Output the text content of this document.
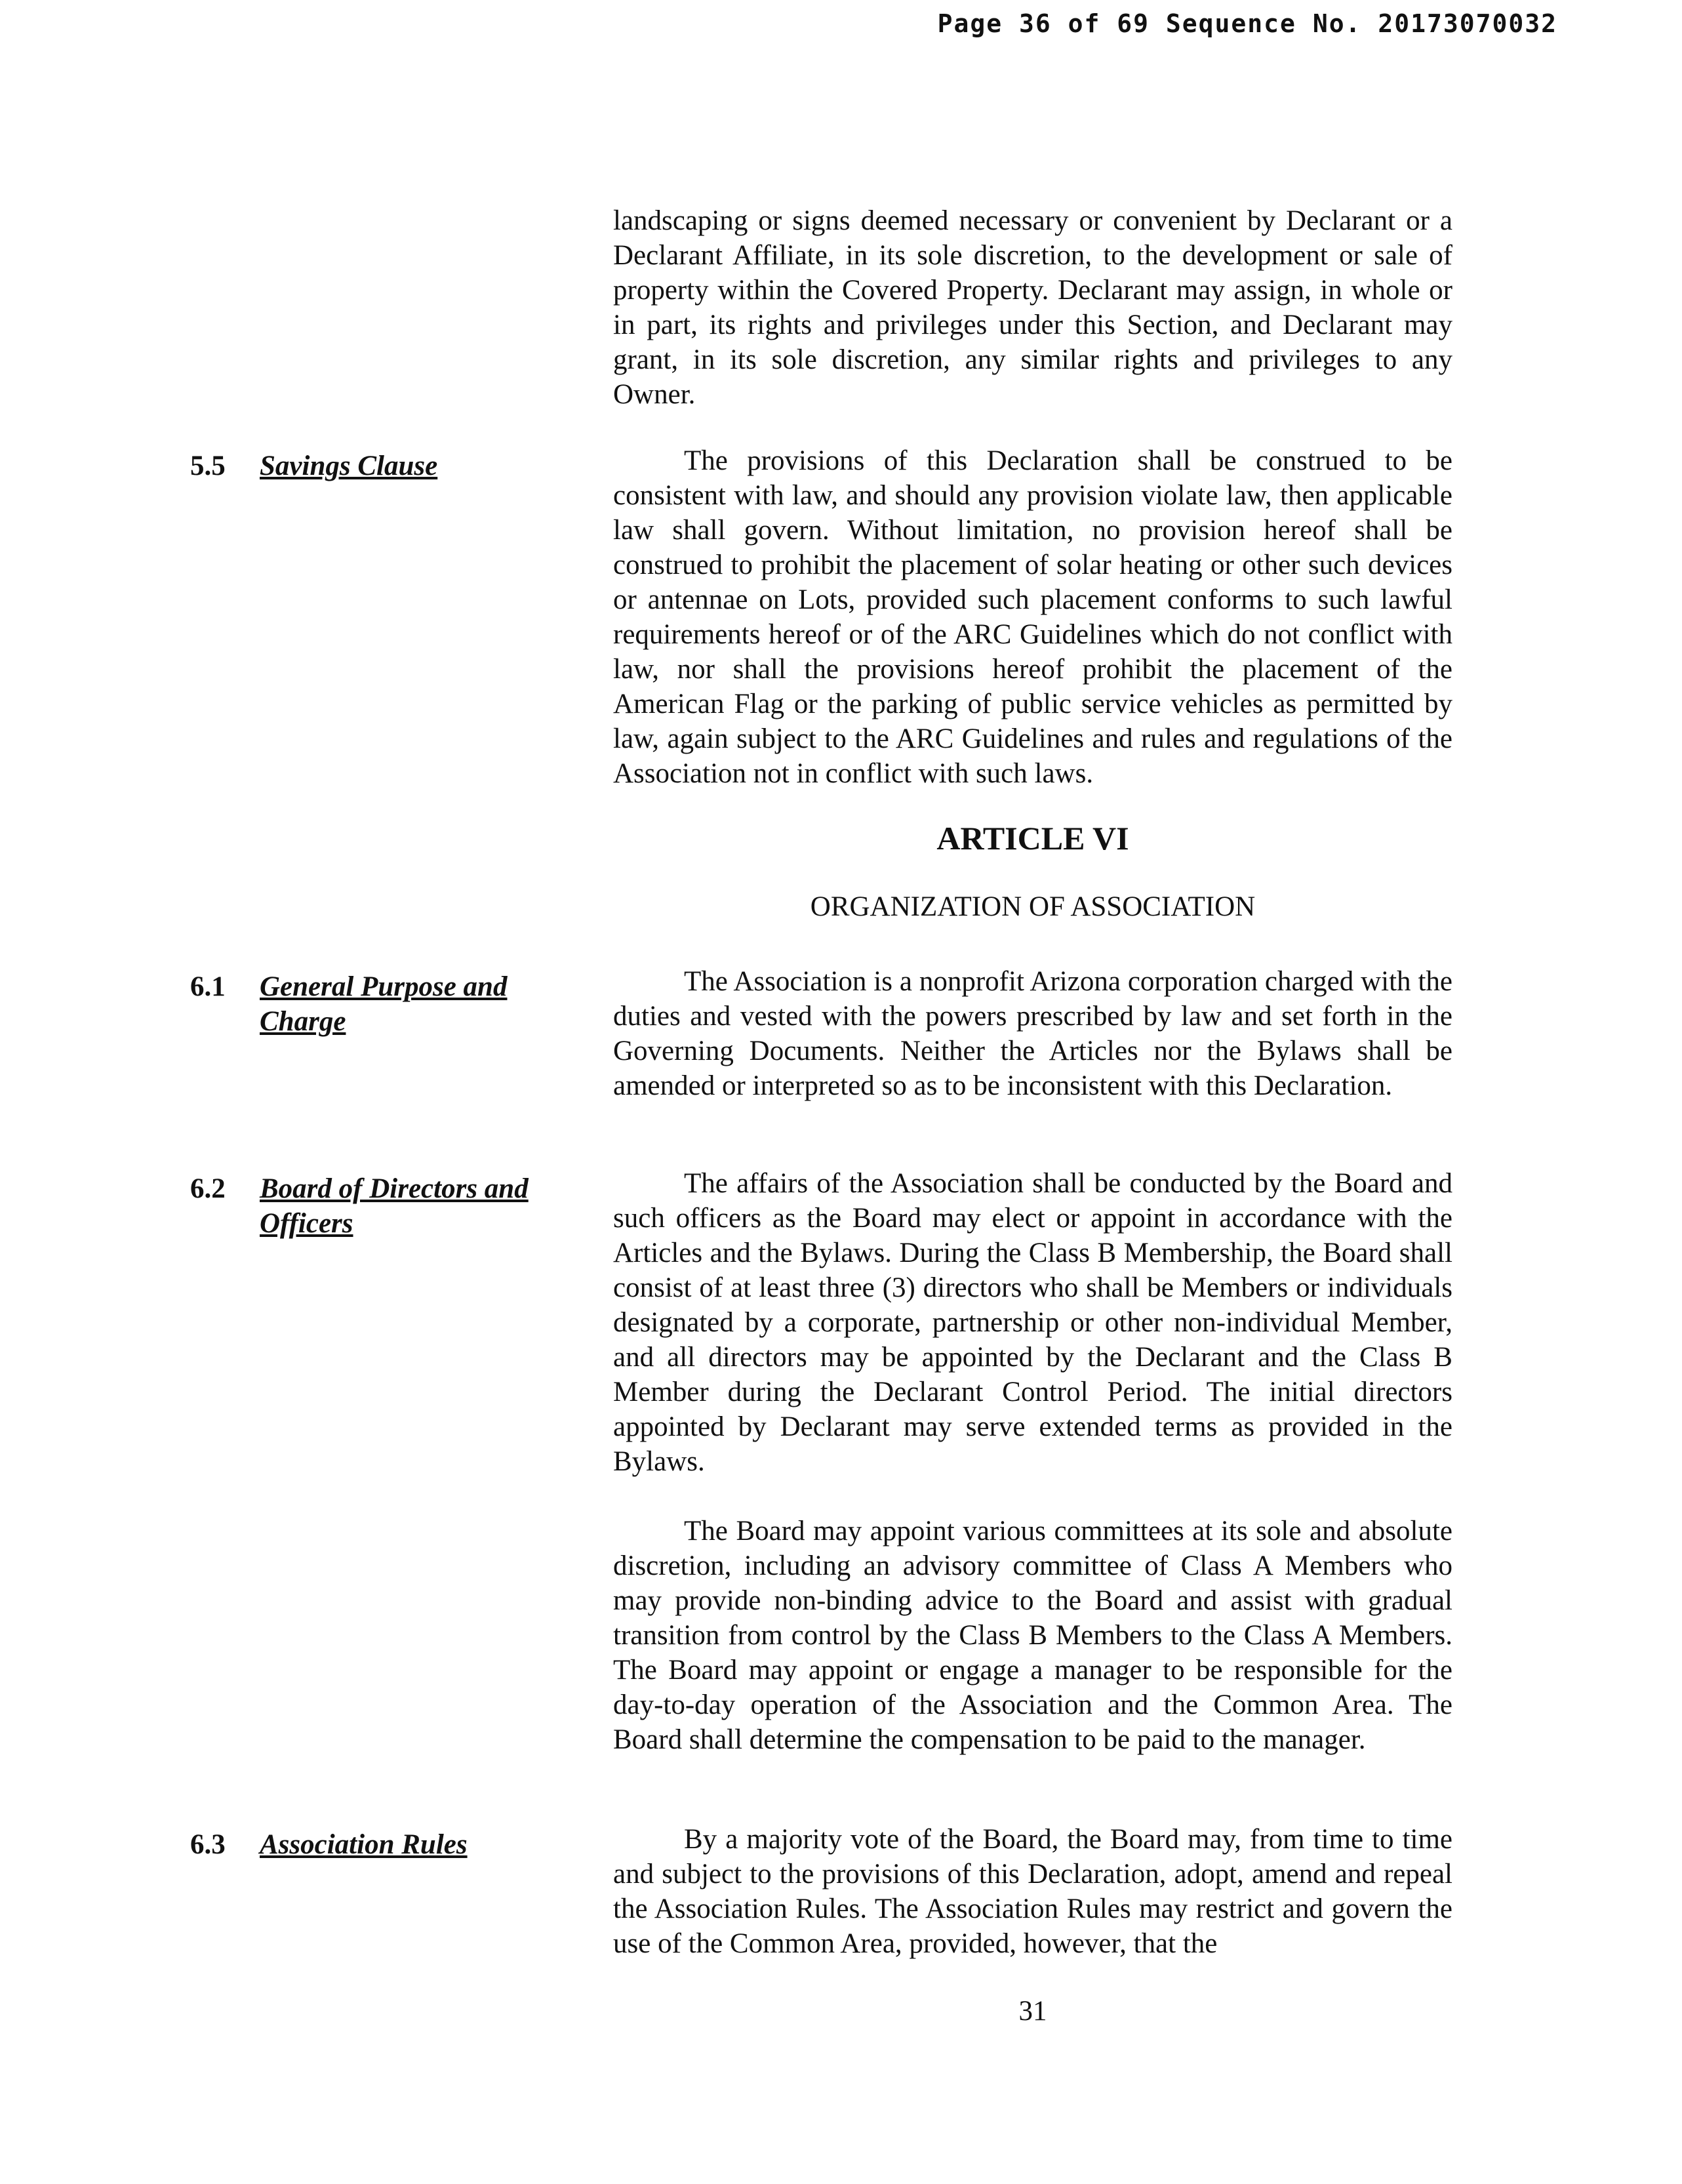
Page 36 of 69 Sequence No. 20173070032

landscaping or signs deemed necessary or convenient by Declarant or a Declarant Affiliate, in its sole discretion, to the development or sale of property within the Covered Property. Declarant may assign, in whole or in part, its rights and privileges under this Section, and Declarant may grant, in its sole discretion, any similar rights and privileges to any Owner.

5.5 Savings Clause	The provisions of this Declaration shall be construed to be consistent with law, and should any provision violate law, then applicable law shall govern. Without limitation, no provision hereof shall be construed to prohibit the placement of solar heating or other such devices or antennae on Lots, provided such placement conforms to such lawful requirements hereof or of the ARC Guidelines which do not conflict with law, nor shall the provisions hereof prohibit the placement of the American Flag or the parking of public service vehicles as permitted by law, again subject to the ARC Guidelines and rules and regulations of the Association not in conflict with such laws.

ARTICLE VI
ORGANIZATION OF ASSOCIATION
6.1 General Purpose and
Charge

The Association is a nonprofit Arizona corporation charged with the duties and vested with the powers prescribed by law and set forth in the Governing Documents. Neither the Articles nor the Bylaws shall be amended or interpreted so as to be inconsistent with this Declaration.

6.2 Board of Directors and
Officers

The affairs of the Association shall be conducted by the Board and such officers as the Board may elect or appoint in accordance with the Articles and the Bylaws. During the Class B Membership, the Board shall consist of at least three (3) directors who shall be Members or individuals designated by a corporate, partnership or other non-individual Member, and all directors may be appointed by the Declarant and the Class B Member during the Declarant Control Period. The initial directors appointed by Declarant may serve extended terms as provided in the Bylaws.

The Board may appoint various committees at its sole and absolute discretion, including an advisory committee of Class A Members who may provide non-binding advice to the Board and assist with gradual transition from control by the Class B Members to the Class A Members. The Board may appoint or engage a manager to be responsible for the day-to-day operation of the Association and the Common Area. The Board shall determine the compensation to be paid to the manager.

6.3 Association Rules	By a majority vote of the Board, the Board may, from time to time and subject to the provisions of this Declaration, adopt, amend and repeal the Association Rules. The Association Rules may restrict and govern the use of the Common Area, provided, however, that the

31
